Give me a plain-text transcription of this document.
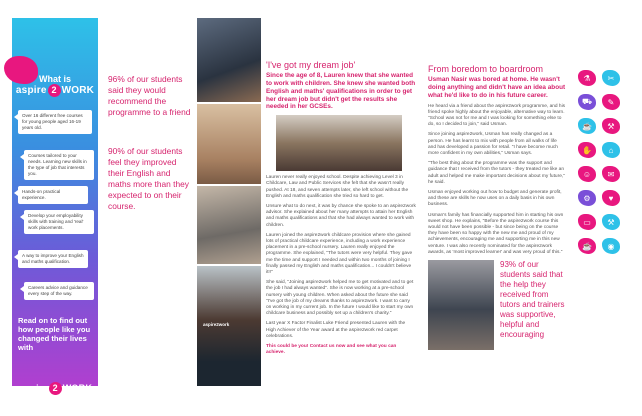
What is
aspire 2 WORK
Over 16 different free courses for young people aged 16-19 years old.
Courses tailored to your needs. Learning new skills in the type of job that interests you.
Hands-on practical experience.
Develop your employability skills with training and 'real' work placements.
A way to improve your English and maths qualification.
Careers advice and guidance every step of the way.
Read on to find out how people like you changed their lives with
aspire 2 WORK

96% of our students said they would recommend the programme to a friend

90% of our students feel they improved their English and maths more than they expected to on their course.

aspire2work
'I've got my dream job'

Since the age of 8, Lauren knew that she wanted to work with children. She knew she wanted both English and maths' qualifications in order to get her dream job but didn't get the results she needed in her GCSEs.

Lauren never really enjoyed school. Despite achieving Level 3 in Childcare, Law and Public Services she felt that she wasn't really pushed. At 18, and seven attempts later, she left school without the English and maths qualification she tried so hard to get.

Unsure what to do next, it was by chance she spoke to an aspire2work advisor. She explained about her many attempts to attain her English and maths qualifications and that she had always wanted to work with children.

Lauren joined the aspire2work childcare provision where she gained lots of practical childcare experience, including a work experience placement in a pre-school nursery. Lauren really enjoyed the programme. She explained, "The tutors were very helpful. They gave me the time and support I needed and within two months of joining I finally passed my English and maths qualification... I couldn't believe it!!"

She said, "Joining aspire2work helped me to get motivated and to get the job I had always wanted". She is now working at a pre-school nursery with young children. When asked about the future she said "I've got the job of my dreams thanks to aspire2work. I want to carry on working in my current job. In the future I would like to start my own childcare business and possibly set up a children's charity."

Last year X Factor Finalist Luke Friend presented Lauren with the High Achiever of the Year award at the aspire2work red carpet celebrations.

This could be you! Contact us now and see what you can achieve.

From boredom to boardroom

Usman Nasir was bored at home. He wasn't doing anything and didn't have an idea about what he'd like to do in his future career.

He heard via a friend about the aspire2work programme, and his friend spoke highly about the enjoyable, alternative way to learn. "School was not for me and I was looking for something else to do, so I decided to join," said Usman.

Since joining aspire2work, Usman has really changed as a person. He has learnt to mix with people from all walks of life and has developed a passion for retail. "I have become much more confident in my own abilities," Usman says.

"The best thing about the programme was the support and guidance that I received from the tutors - they treated me like an adult and helped me make important decisions about my future," he said.

Usman enjoyed working out how to budget and generate profit, and these are skills he now uses on a daily basis in his own business.

Usman's family has financially supported him in starting his own sweet shop. He explains, "Before the aspire2work course this would not have been possible - but since being on the course they have been so happy with the new me and proud of my achievements, encouraging me and supporting me in this new venture. I was also recently nominated for the aspire2work awards, as 'most improved learner' and was very proud of this."

93% of our students said that the help they received from tutors and trainers was supportive, helpful and encouraging
⚗	✂
⛟	✎
☕	⚒
✋	⌂
☺	✉
⚙	♥
▭	⚒
☕	◉
